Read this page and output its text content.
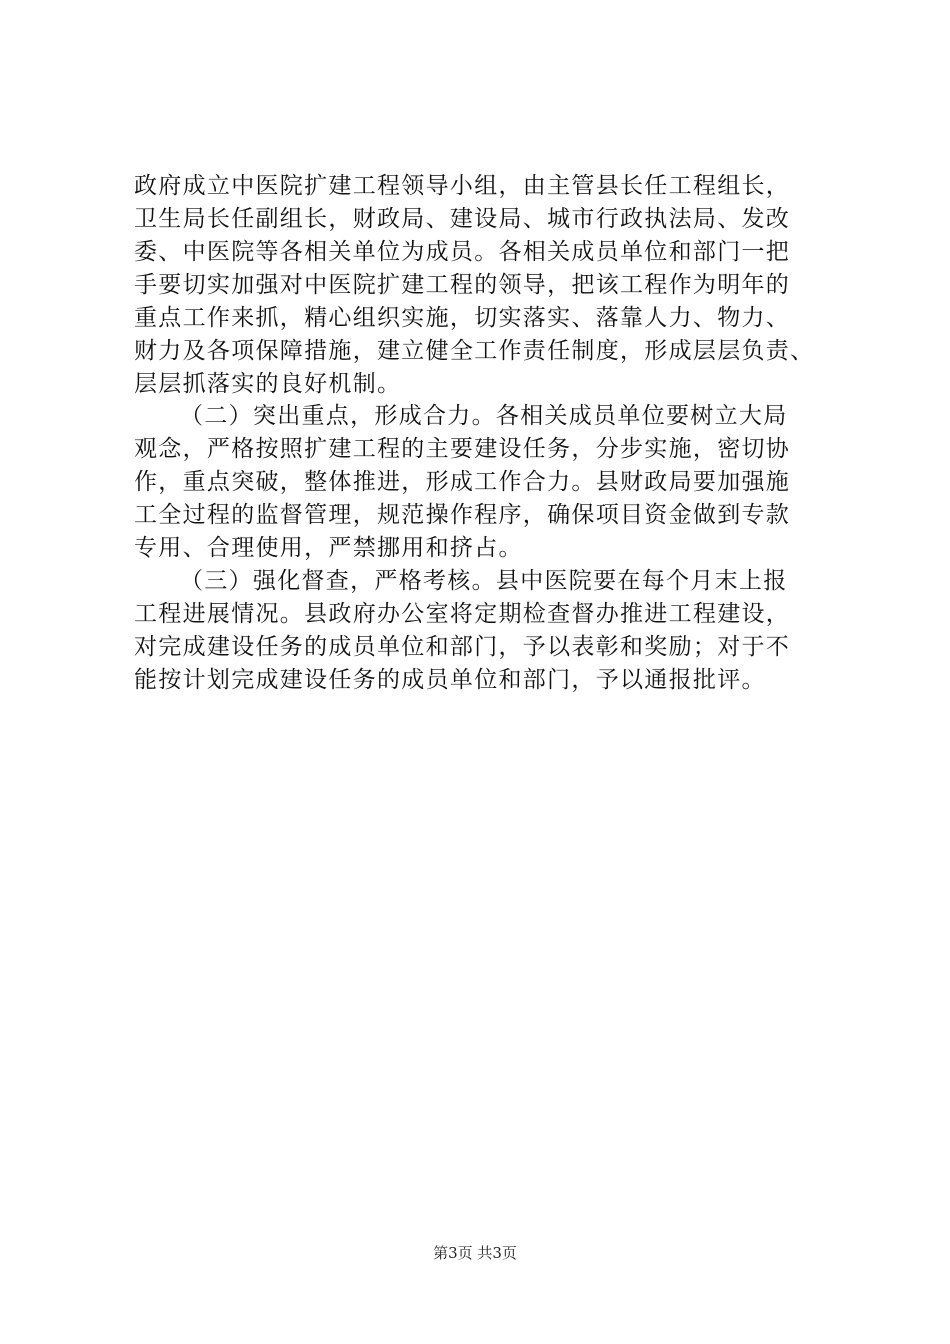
政府成立中医院扩建工程领导小组，由主管县长任工程组长，
卫生局长任副组长，财政局、建设局、城市行政执法局、发改
委、中医院等各相关单位为成员。各相关成员单位和部门一把
手要切实加强对中医院扩建工程的领导，把该工程作为明年的
重点工作来抓，精心组织实施，切实落实、落靠人力、物力、
财力及各项保障措施，建立健全工作责任制度，形成层层负责、
层层抓落实的良好机制。
（二）突出重点，形成合力。各相关成员单位要树立大局
观念，严格按照扩建工程的主要建设任务，分步实施，密切协
作，重点突破，整体推进，形成工作合力。县财政局要加强施
工全过程的监督管理，规范操作程序，确保项目资金做到专款
专用、合理使用，严禁挪用和挤占。
（三）强化督查，严格考核。县中医院要在每个月末上报
工程进展情况。县政府办公室将定期检查督办推进工程建设，
对完成建设任务的成员单位和部门，予以表彰和奖励；对于不
能按计划完成建设任务的成员单位和部门，予以通报批评。
第3页 共3页
